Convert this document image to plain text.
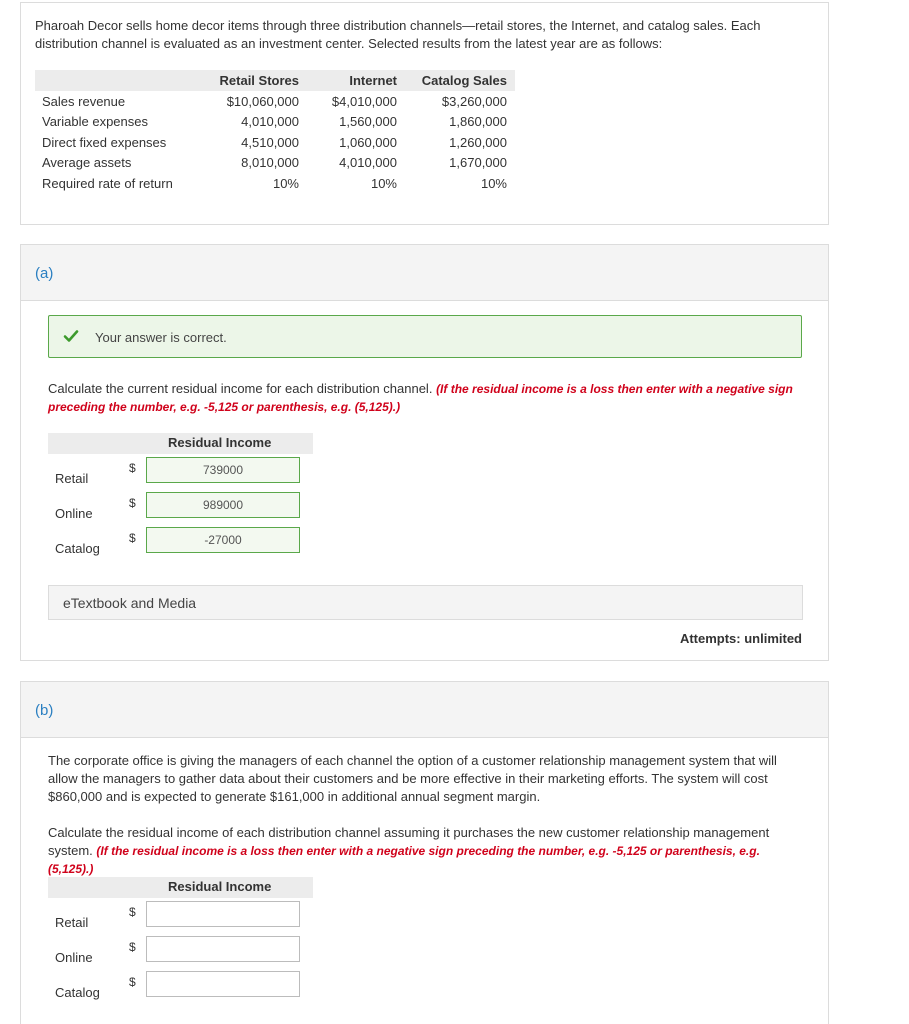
Pharoah Decor sells home decor items through three distribution channels—retail stores, the Internet, and catalog sales. Each distribution channel is evaluated as an investment center. Selected results from the latest year are as follows:

	Retail Stores	Internet	Catalog Sales
Sales revenue	$10,060,000	$4,010,000	$3,260,000
Variable expenses	4,010,000	1,560,000	1,860,000
Direct fixed expenses	4,510,000	1,060,000	1,260,000
Average assets	8,010,000	4,010,000	1,670,000
Required rate of return	10%	10%	10%
(a)
Your answer is correct.

Calculate the current residual income for each distribution channel. (If the residual income is a loss then enter with a negative sign preceding the number, e.g. -5,125 or parenthesis, e.g. (5,125).)

Residual Income
Retail
$
739000
Online
$
989000
Catalog
$
-27000
eTextbook and Media
Attempts: unlimited
(b)

The corporate office is giving the managers of each channel the option of a customer relationship management system that will allow the managers to gather data about their customers and be more effective in their marketing efforts. The system will cost $860,000 and is expected to generate $161,000 in additional annual segment margin.

Calculate the residual income of each distribution channel assuming it purchases the new customer relationship management system. (If the residual income is a loss then enter with a negative sign preceding the number, e.g. -5,125 or parenthesis, e.g. (5,125).)

Residual Income
Retail
$
Online
$
Catalog
$
